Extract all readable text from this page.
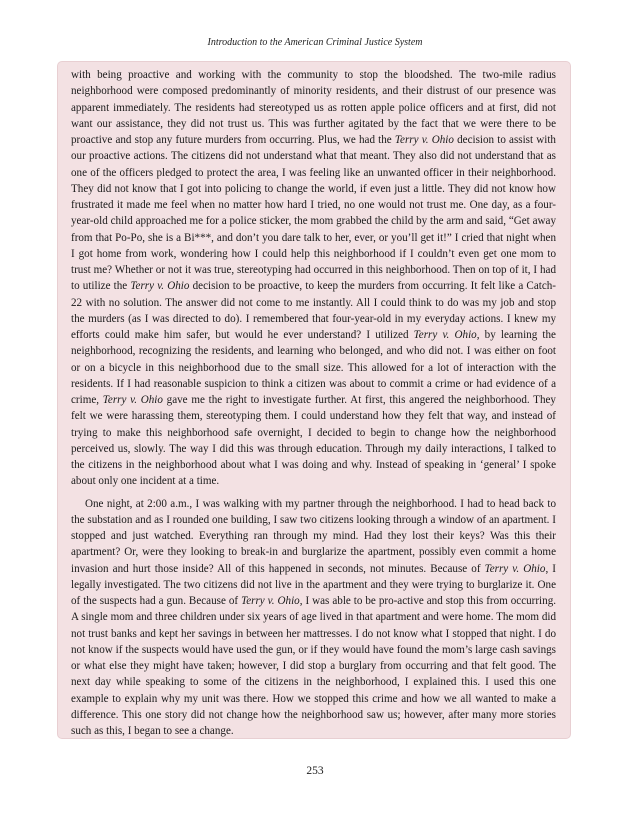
Introduction to the American Criminal Justice System

with being proactive and working with the community to stop the bloodshed. The two-mile radius neighborhood were composed predominantly of minority residents, and their distrust of our presence was apparent immediately. The residents had stereotyped us as rotten apple police officers and at first, did not want our assistance, they did not trust us. This was further agitated by the fact that we were there to be proactive and stop any future murders from occurring. Plus, we had the Terry v. Ohio decision to assist with our proactive actions. The citizens did not understand what that meant. They also did not understand that as one of the officers pledged to protect the area, I was feeling like an unwanted officer in their neighborhood. They did not know that I got into policing to change the world, if even just a little. They did not know how frustrated it made me feel when no matter how hard I tried, no one would not trust me. One day, as a four-year-old child approached me for a police sticker, the mom grabbed the child by the arm and said, “Get away from that Po-Po, she is a Bi***, and don’t you dare talk to her, ever, or you’ll get it!” I cried that night when I got home from work, wondering how I could help this neighborhood if I couldn’t even get one mom to trust me? Whether or not it was true, stereotyping had occurred in this neighborhood. Then on top of it, I had to utilize the Terry v. Ohio decision to be proactive, to keep the murders from occurring. It felt like a Catch-22 with no solution. The answer did not come to me instantly. All I could think to do was my job and stop the murders (as I was directed to do). I remembered that four-year-old in my everyday actions. I knew my efforts could make him safer, but would he ever understand? I utilized Terry v. Ohio, by learning the neighborhood, recognizing the residents, and learning who belonged, and who did not. I was either on foot or on a bicycle in this neighborhood due to the small size. This allowed for a lot of interaction with the residents. If I had reasonable suspicion to think a citizen was about to commit a crime or had evidence of a crime, Terry v. Ohio gave me the right to investigate further. At first, this angered the neighborhood. They felt we were harassing them, stereotyping them. I could understand how they felt that way, and instead of trying to make this neighborhood safe overnight, I decided to begin to change how the neighborhood perceived us, slowly. The way I did this was through education. Through my daily interactions, I talked to the citizens in the neighborhood about what I was doing and why. Instead of speaking in ‘general’ I spoke about only one incident at a time.

One night, at 2:00 a.m., I was walking with my partner through the neighborhood. I had to head back to the substation and as I rounded one building, I saw two citizens looking through a window of an apartment. I stopped and just watched. Everything ran through my mind. Had they lost their keys? Was this their apartment? Or, were they looking to break-in and burglarize the apartment, possibly even commit a home invasion and hurt those inside? All of this happened in seconds, not minutes. Because of Terry v. Ohio, I legally investigated. The two citizens did not live in the apartment and they were trying to burglarize it. One of the suspects had a gun. Because of Terry v. Ohio, I was able to be pro-active and stop this from occurring. A single mom and three children under six years of age lived in that apartment and were home. The mom did not trust banks and kept her savings in between her mattresses. I do not know what I stopped that night. I do not know if the suspects would have used the gun, or if they would have found the mom’s large cash savings or what else they might have taken; however, I did stop a burglary from occurring and that felt good. The next day while speaking to some of the citizens in the neighborhood, I explained this. I used this one example to explain why my unit was there. How we stopped this crime and how we all wanted to make a difference. This one story did not change how the neighborhood saw us; however, after many more stories such as this, I began to see a change.

253
